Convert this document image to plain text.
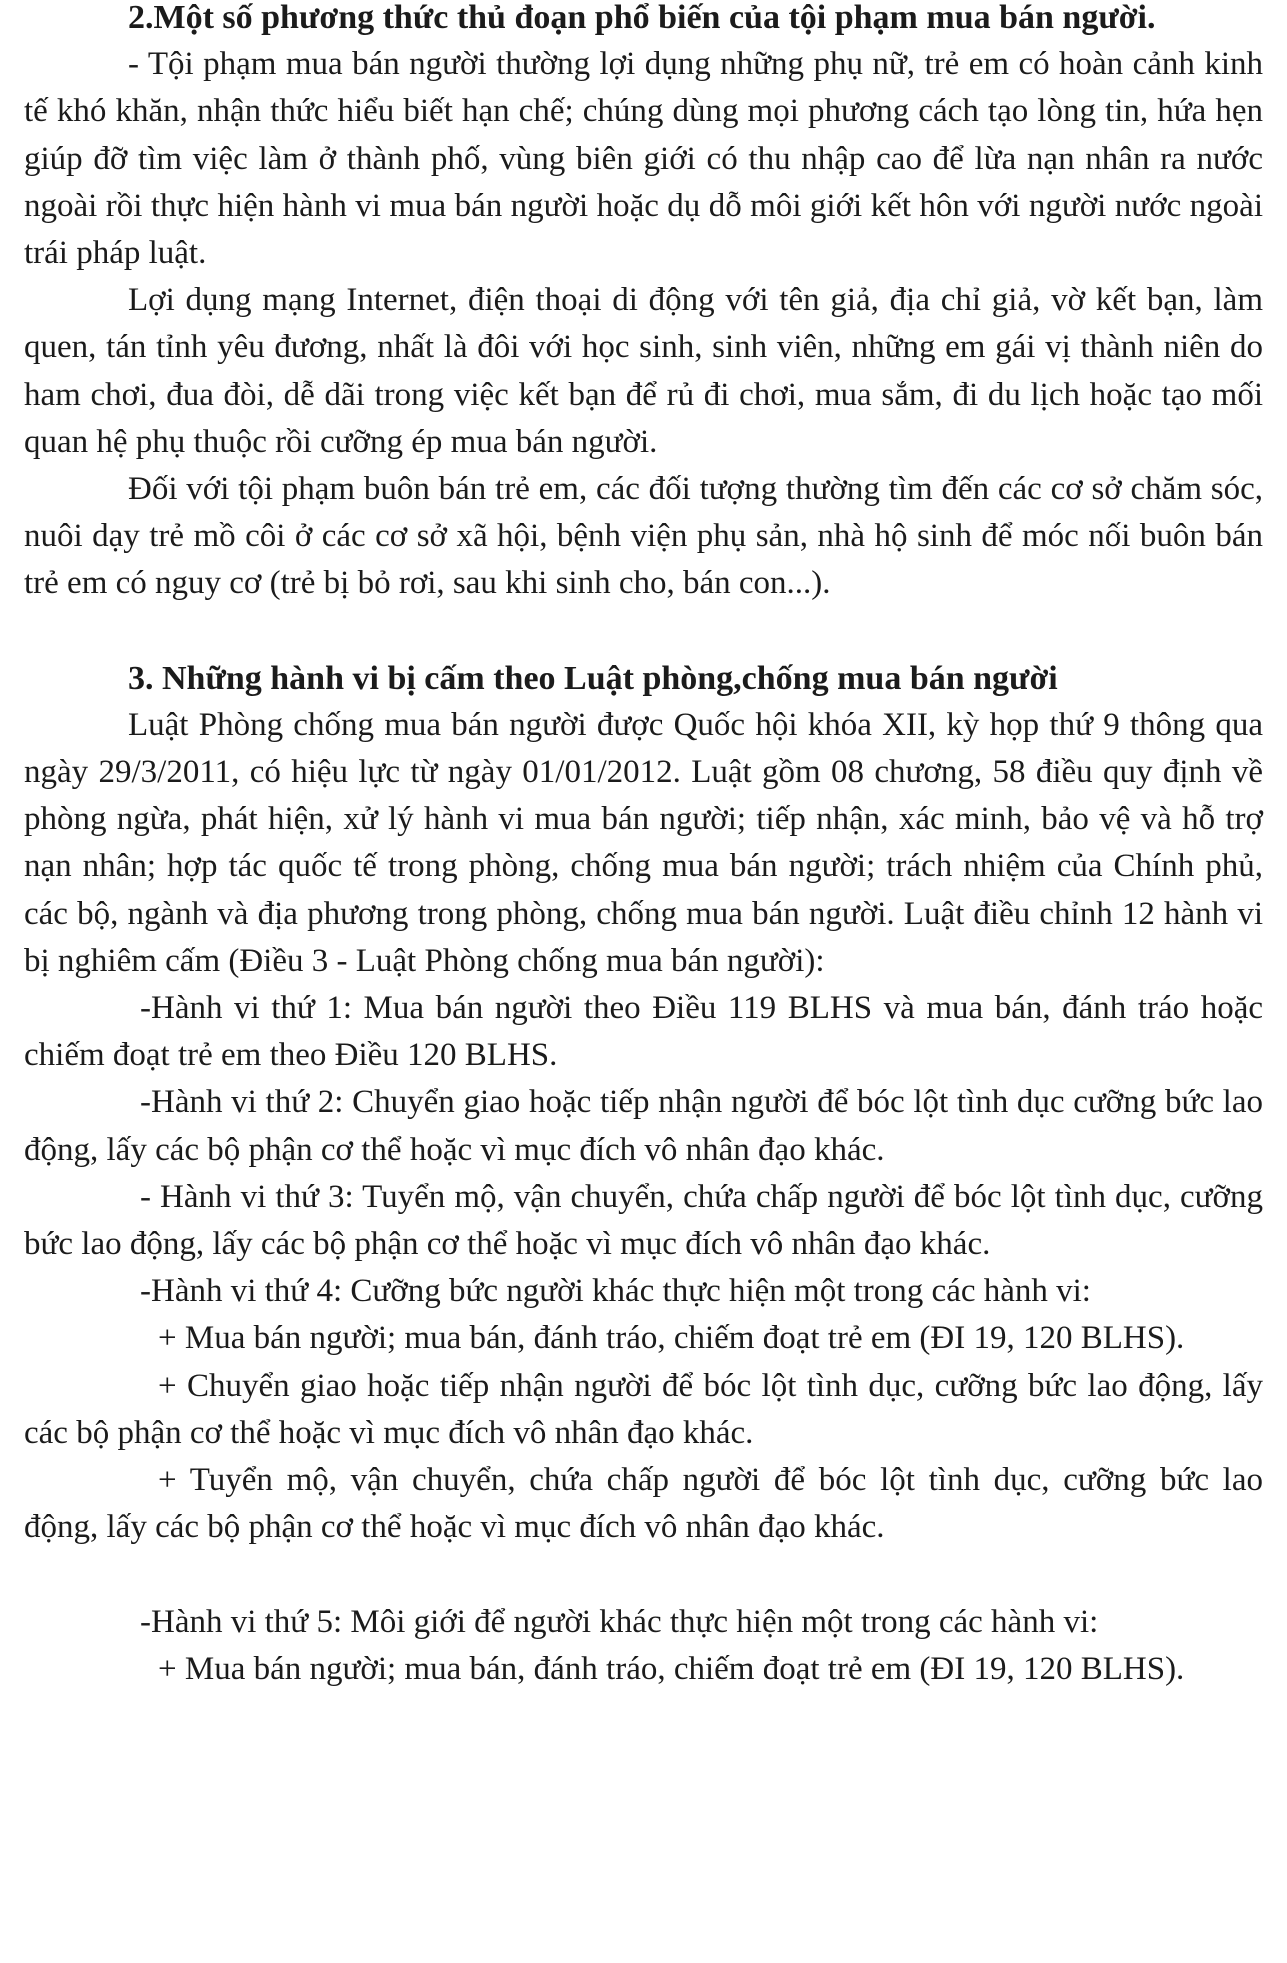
2.Một số phương thức thủ đoạn phổ biến của tội phạm mua bán người.

- Tội phạm mua bán người thường lợi dụng những phụ nữ, trẻ em có hoàn cảnh kinh tế khó khăn, nhận thức hiểu biết hạn chế; chúng dùng mọi phương cách tạo lòng tin, hứa hẹn giúp đỡ tìm việc làm ở thành phố, vùng biên giới có thu nhập cao để lừa nạn nhân ra nước ngoài rồi thực hiện hành vi mua bán người hoặc dụ dỗ môi giới kết hôn với người nước ngoài trái pháp luật.

Lợi dụng mạng Internet, điện thoại di động với tên giả, địa chỉ giả, vờ kết bạn, làm quen, tán tỉnh yêu đương, nhất là đôi với học sinh, sinh viên, những em gái vị thành niên do ham chơi, đua đòi, dễ dãi trong việc kết bạn để rủ đi chơi, mua sắm, đi du lịch hoặc tạo mối quan hệ phụ thuộc rồi cưỡng ép mua bán người.

Đối với tội phạm buôn bán trẻ em, các đối tượng thường tìm đến các cơ sở chăm sóc, nuôi dạy trẻ mồ côi ở các cơ sở xã hội, bệnh viện phụ sản, nhà hộ sinh để móc nối buôn bán trẻ em có nguy cơ (trẻ bị bỏ rơi, sau khi sinh cho, bán con...).

3. Những hành vi bị cấm theo Luật phòng,chống mua bán người

Luật Phòng chống mua bán người được Quốc hội khóa XII, kỳ họp thứ 9 thông qua ngày 29/3/2011, có hiệu lực từ ngày 01/01/2012. Luật gồm 08 chương, 58 điều quy định về phòng ngừa, phát hiện, xử lý hành vi mua bán người; tiếp nhận, xác minh, bảo vệ và hỗ trợ nạn nhân; hợp tác quốc tế trong phòng, chống mua bán người; trách nhiệm của Chính phủ, các bộ, ngành và địa phương trong phòng, chống mua bán người. Luật điều chỉnh 12 hành vi bị nghiêm cấm (Điều 3 - Luật Phòng chống mua bán người):

-Hành vi thứ 1: Mua bán người theo Điều 119 BLHS và mua bán, đánh tráo hoặc chiếm đoạt trẻ em theo Điều 120 BLHS.

-Hành vi thứ 2: Chuyển giao hoặc tiếp nhận người để bóc lột tình dục cưỡng bức lao động, lấy các bộ phận cơ thể hoặc vì mục đích vô nhân đạo khác.

- Hành vi thứ 3: Tuyển mộ, vận chuyển, chứa chấp người để bóc lột tình dục, cưỡng bức lao động, lấy các bộ phận cơ thể hoặc vì mục đích vô nhân đạo khác.

-Hành vi thứ 4: Cưỡng bức người khác thực hiện một trong các hành vi:

+ Mua bán người; mua bán, đánh tráo, chiếm đoạt trẻ em (ĐI 19, 120 BLHS).

+ Chuyển giao hoặc tiếp nhận người để bóc lột tình dục, cưỡng bức lao động, lấy các bộ phận cơ thể hoặc vì mục đích vô nhân đạo khác.

+ Tuyển mộ, vận chuyển, chứa chấp người để bóc lột tình dục, cưỡng bức lao động, lấy các bộ phận cơ thể hoặc vì mục đích vô nhân đạo khác.

-Hành vi thứ 5: Môi giới để người khác thực hiện một trong các hành vi:

+ Mua bán người; mua bán, đánh tráo, chiếm đoạt trẻ em (ĐI 19, 120 BLHS).
